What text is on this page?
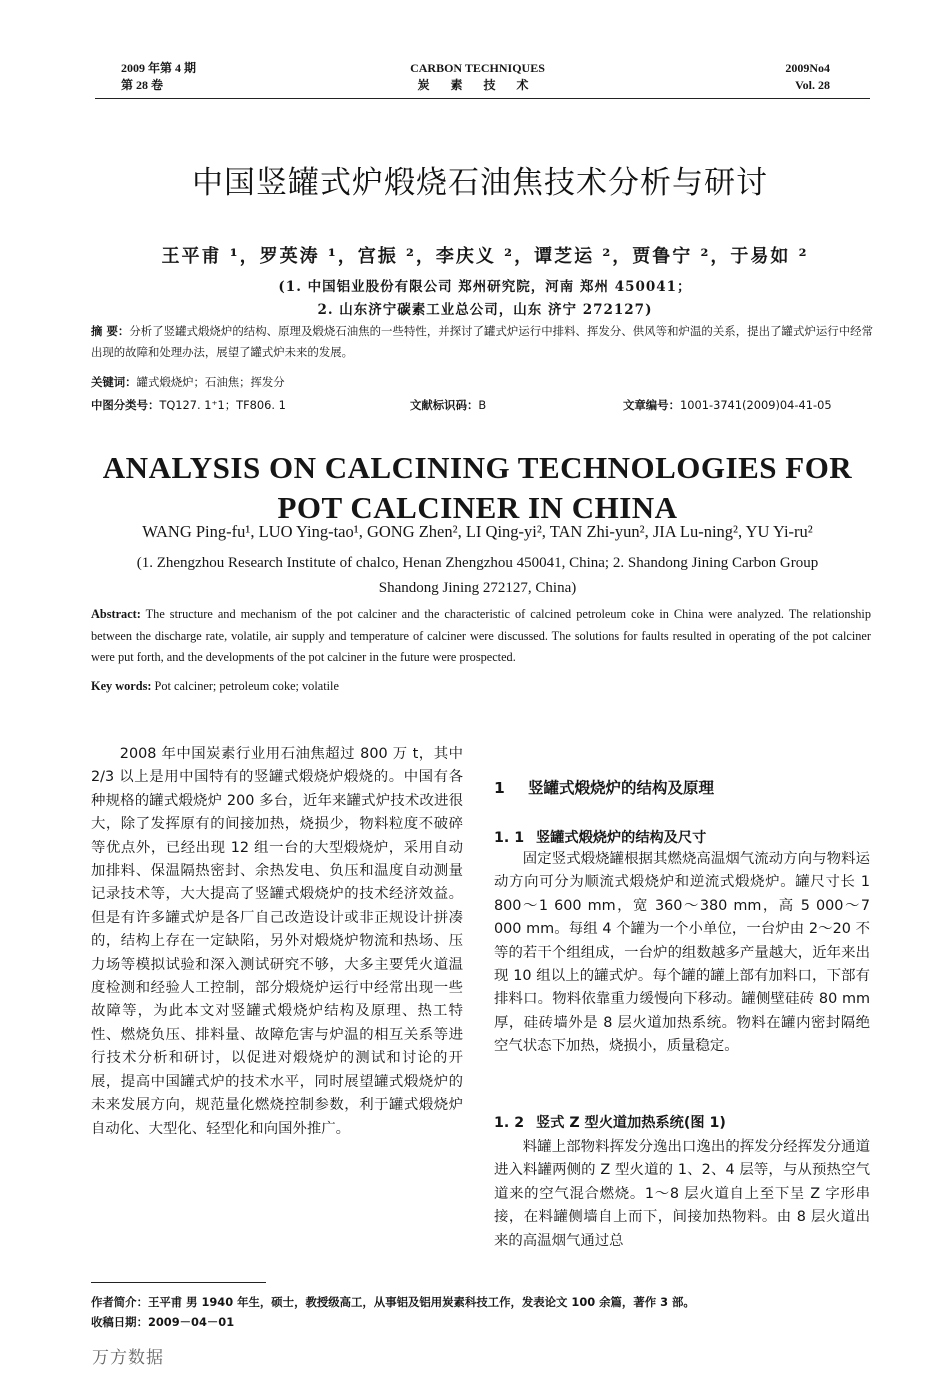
2009 年第 4 期
第 28 卷
CARBON TECHNIQUES
炭 素 技 术
2009No4
Vol. 28
中国竖罐式炉煅烧石油焦技术分析与研讨
王平甫 ¹，罗英涛 ¹，宫振 ²，李庆义 ²，谭芝运 ²，贾鲁宁 ²，于易如 ²
(1. 中国铝业股份有限公司 郑州研究院，河南 郑州 450041；
2. 山东济宁碳素工业总公司，山东 济宁 272127)
摘 要：分析了竖罐式煅烧炉的结构、原理及煅烧石油焦的一些特性，并探讨了罐式炉运行中排料、挥发分、供风等和炉温的关系，提出了罐式炉运行中经常出现的故障和处理办法，展望了罐式炉未来的发展。
关键词：罐式煅烧炉；石油焦；挥发分
中图分类号：TQ127. 1⁺1；TF806. 1	文献标识码：B	文章编号：1001-3741(2009)04-41-05
ANALYSIS ON CALCINING TECHNOLOGIES FOR
POT CALCINER IN CHINA
WANG Ping-fu¹, LUO Ying-tao¹, GONG Zhen², LI Qing-yi², TAN Zhi-yun², JIA Lu-ning², YU Yi-ru²
(1. Zhengzhou Research Institute of chalco, Henan Zhengzhou 450041, China; 2. Shandong Jining Carbon Group
Shandong Jining 272127, China)
Abstract: The structure and mechanism of the pot calciner and the characteristic of calcined petroleum coke in China were analyzed. The relationship between the discharge rate, volatile, air supply and temperature of calciner were discussed. The solutions for faults resulted in operating of the pot calciner were put forth, and the developments of the pot calciner in the future were prospected.
Key words: Pot calciner; petroleum coke; volatile

2008 年中国炭素行业用石油焦超过 800 万 t，其中 2/3 以上是用中国特有的竖罐式煅烧炉煅烧的。中国有各种规格的罐式煅烧炉 200 多台，近年来罐式炉技术改进很大，除了发挥原有的间接加热，烧损少，物料粒度不破碎等优点外，已经出现 12 组一台的大型煅烧炉，采用自动加排料、保温隔热密封、余热发电、负压和温度自动测量记录技术等，大大提高了竖罐式煅烧炉的技术经济效益。但是有许多罐式炉是各厂自己改造设计或非正规设计拼凑的，结构上存在一定缺陷，另外对煅烧炉物流和热场、压力场等模拟试验和深入测试研究不够，大多主要凭火道温度检测和经验人工控制，部分煅烧炉运行中经常出现一些故障等，为此本文对竖罐式煅烧炉结构及原理、热工特性、燃烧负压、排料量、故障危害与炉温的相互关系等进行技术分析和研讨，以促进对煅烧炉的测试和讨论的开展，提高中国罐式炉的技术水平，同时展望罐式煅烧炉的未来发展方向，规范量化燃烧控制参数，利于罐式煅烧炉自动化、大型化、轻型化和向国外推广。

1 竖罐式煅烧炉的结构及原理
1. 1 竖罐式煅烧炉的结构及尺寸

固定竖式煅烧罐根据其燃烧高温烟气流动方向与物料运动方向可分为顺流式煅烧炉和逆流式煅烧炉。罐尺寸长 1 800～1 600 mm，宽 360～380 mm，高 5 000～7 000 mm。每组 4 个罐为一个小单位，一台炉由 2～20 不等的若干个组组成，一台炉的组数越多产量越大，近年来出现 10 组以上的罐式炉。每个罐的罐上部有加料口，下部有排料口。物料依靠重力缓慢向下移动。罐侧壁硅砖 80 mm 厚，硅砖墙外是 8 层火道加热系统。物料在罐内密封隔绝空气状态下加热，烧损小，质量稳定。

1. 2 竖式 Z 型火道加热系统(图 1)

料罐上部物料挥发分逸出口逸出的挥发分经挥发分通道进入料罐两侧的 Z 型火道的 1、2、4 层等，与从预热空气道来的空气混合燃烧。1～8 层火道自上至下呈 Z 字形串接，在料罐侧墙自上而下，间接加热物料。由 8 层火道出来的高温烟气通过总

作者简介：王平甫 男 1940 年生，硕士，教授级高工，从事铝及铝用炭素科技工作，发表论文 100 余篇，著作 3 部。
收稿日期：2009－04－01
万方数据
